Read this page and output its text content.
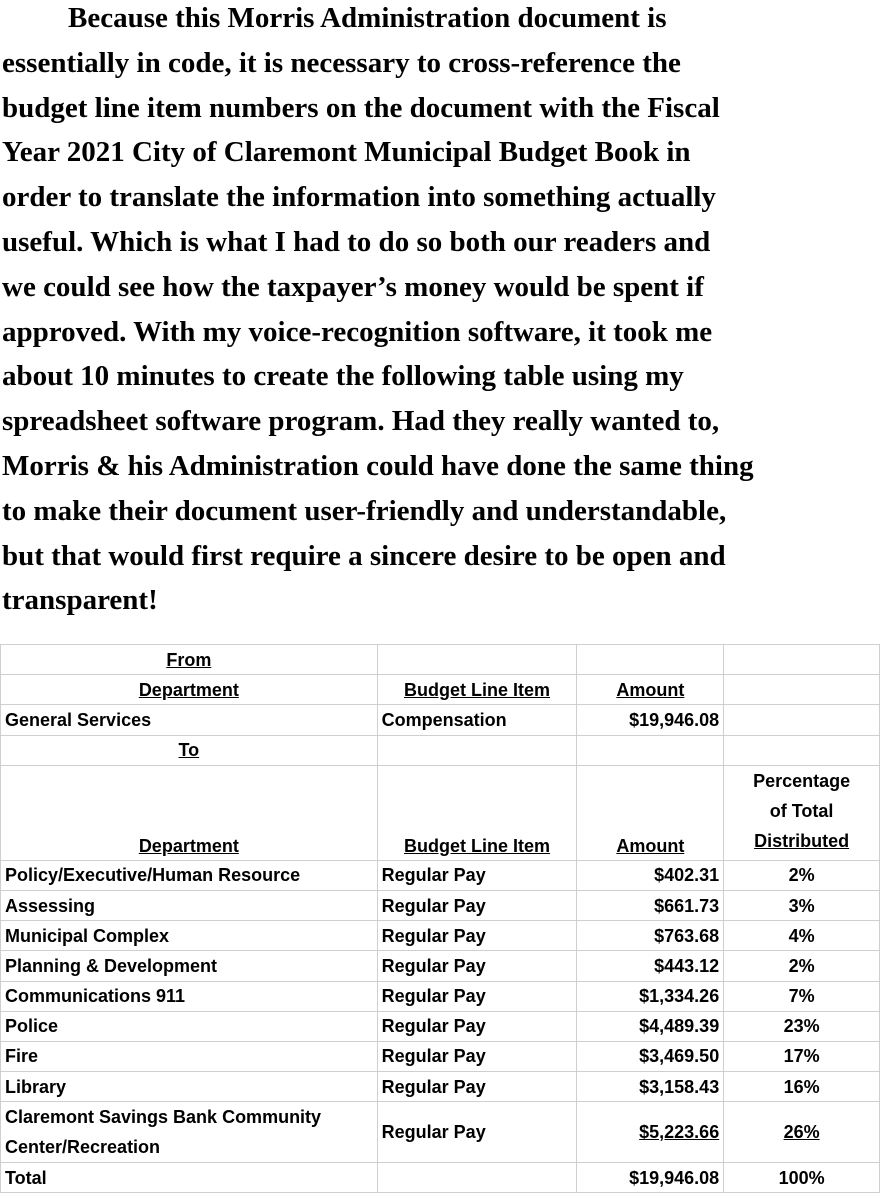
Because this Morris Administration document is
essentially in code, it is necessary to cross-reference the
budget line item numbers on the document with the Fiscal
Year 2021 City of Claremont Municipal Budget Book in
order to translate the information into something actually
useful. Which is what I had to do so both our readers and
we could see how the taxpayer’s money would be spent if
approved. With my voice-recognition software, it took me
about 10 minutes to create the following table using my
spreadsheet software program. Had they really wanted to,
Morris & his Administration could have done the same thing
to make their document user-friendly and understandable,
but that would first require a sincere desire to be open and
transparent!

From			
Department	Budget Line Item	Amount	
General Services	Compensation	$19,946.08	
To			
Department	Budget Line Item	Amount	Percentage
of Total
Distributed
Policy/Executive/Human Resource	Regular Pay	$402.31	2%
Assessing	Regular Pay	$661.73	3%
Municipal Complex	Regular Pay	$763.68	4%
Planning & Development	Regular Pay	$443.12	2%
Communications 911	Regular Pay	$1,334.26	7%
Police	Regular Pay	$4,489.39	23%
Fire	Regular Pay	$3,469.50	17%
Library	Regular Pay	$3,158.43	16%
Claremont Savings Bank Community Center/Recreation	Regular Pay	$5,223.66	26%
Total		$19,946.08	100%
